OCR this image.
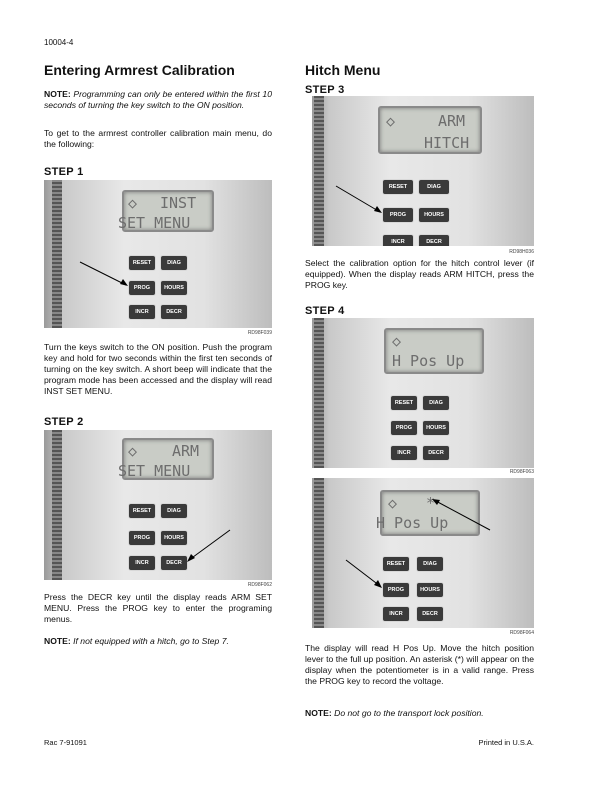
10004-4
Entering Armrest Calibration
NOTE: Programming can only be entered within the first 10 seconds of turning the key switch to the ON position.
To get to the armrest controller calibration main menu, do the following:
STEP 1
◇ INST
SET MENU
RESET	DIAG
PROG	HOURS
INCR	DECR
RD98F039
Turn the keys switch to the ON position. Push the program key and hold for two seconds within the first ten seconds of turning on the key switch. A short beep will indicate that the program mode has been accessed and the display will read INST SET MENU.
STEP 2
◇ ARM
SET MENU
RESET	DIAG
PROG	HOURS
INCR	DECR
RD98F062
Press the DECR key until the display reads ARM SET MENU. Press the PROG key to enter the programing menus.
NOTE: If not equipped with a hitch, go to Step 7.
Hitch Menu
STEP 3
◇	ARM
HITCH
RESET	DIAG
PROG	HOURS
INCR	DECR
RD98H036
Select the calibration option for the hitch control lever (if equipped). When the display reads ARM HITCH, press the PROG key.
STEP 4
◇
H Pos Up
RESET	DIAG
PROG	HOURS
INCR	DECR
RD98F063
◇ *
H Pos Up
RESET	DIAG
PROG	HOURS
INCR	DECR
RD98F064
The display will read H Pos Up. Move the hitch position lever to the full up position. An asterisk (*) will appear on the display when the potentiometer is in a valid range. Press the PROG key to record the voltage.
NOTE: Do not go to the transport lock position.
Rac 7-91091	Printed in U.S.A.
